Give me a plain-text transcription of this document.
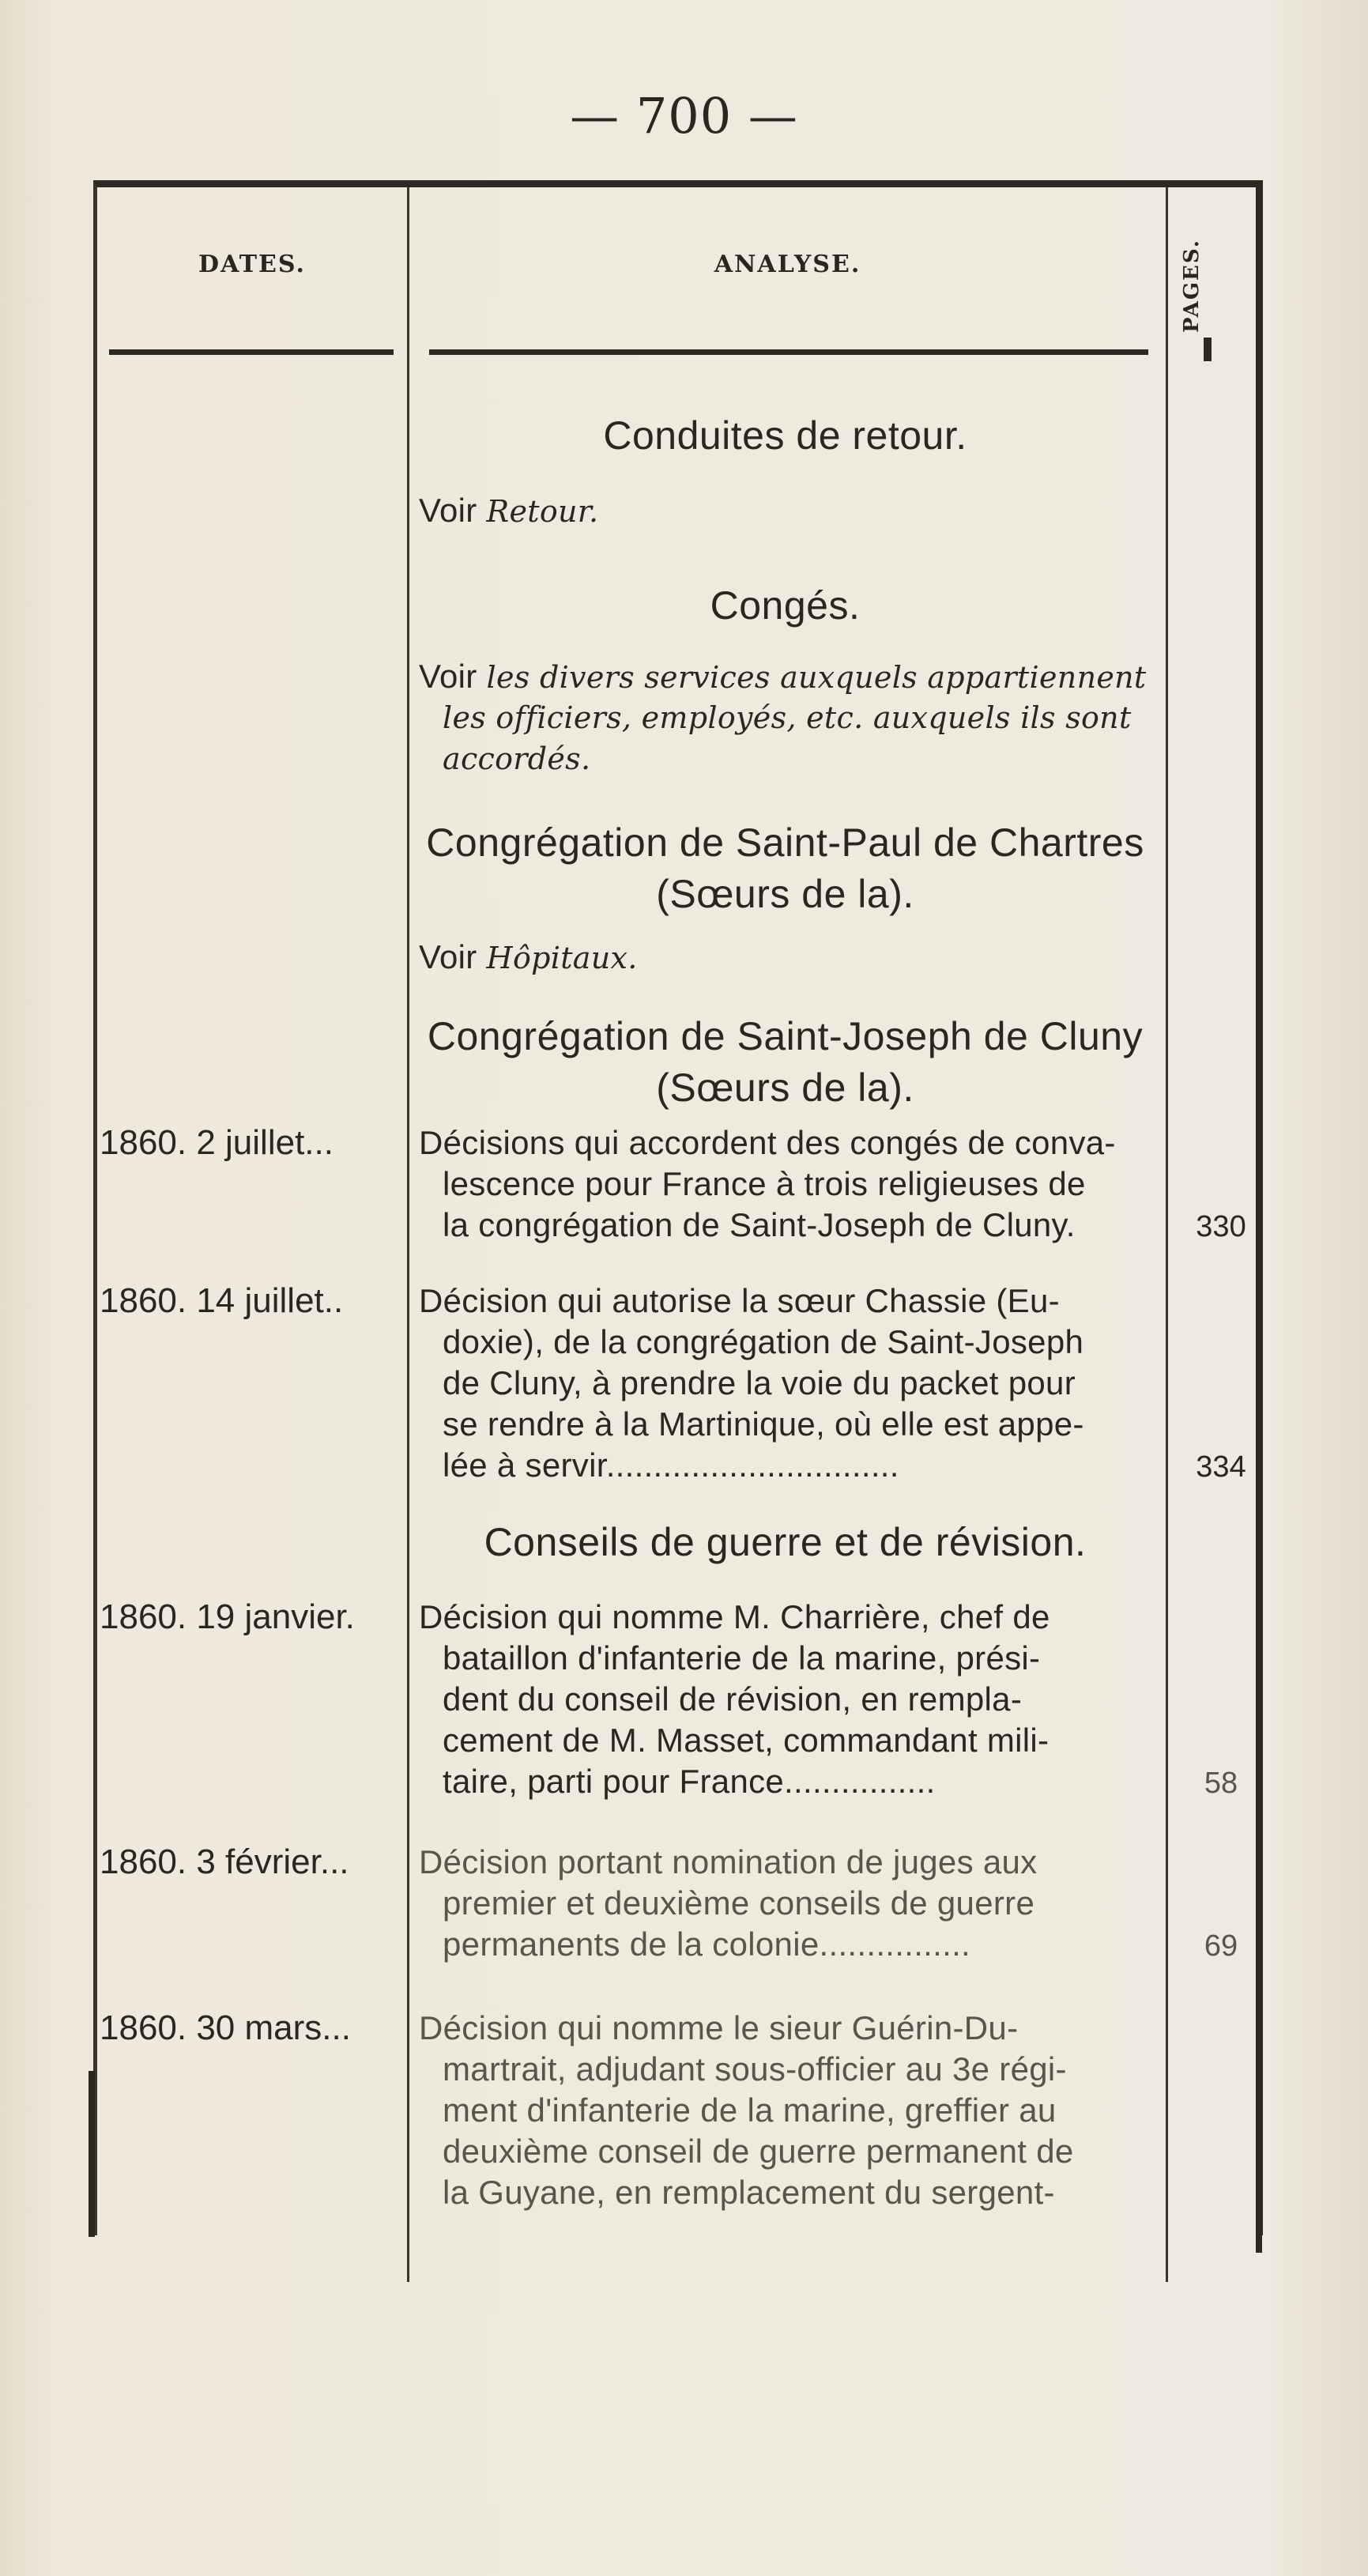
— 700 —
DATES.	ANALYSE.	PAGES.
Conduites de retour.
Voir Retour.
Congés.
Voir les divers services auxquels appartiennent
les officiers, employés, etc. auxquels ils sont
accordés.
Congrégation de Saint-Paul de Chartres
(Sœurs de la).
Voir Hôpitaux.
Congrégation de Saint-Joseph de Cluny
(Sœurs de la).
1860. 2 juillet...	Décisions qui accordent des congés de conva-
lescence pour France à trois religieuses de
la congrégation de Saint-Joseph de Cluny.	330
1860. 14 juillet.. Décision qui autorise la sœur Chassie (Eu-
doxie), de la congrégation de Saint-Joseph
de Cluny, à prendre la voie du packet pour
se rendre à la Martinique, où elle est appe-
lée à servir...............................	334
Conseils de guerre et de révision.
1860. 19 janvier. Décision qui nomme M. Charrière, chef de
bataillon d'infanterie de la marine, prési-
dent du conseil de révision, en rempla-
cement de M. Masset, commandant mili-
taire, parti pour France................	58
1860. 3 février... Décision portant nomination de juges aux
premier et deuxième conseils de guerre
permanents de la colonie................	69
1860. 30 mars... Décision qui nomme le sieur Guérin-Du-
martrait, adjudant sous-officier au 3e régi-
ment d'infanterie de la marine, greffier au
deuxième conseil de guerre permanent de
la Guyane, en remplacement du sergent-
